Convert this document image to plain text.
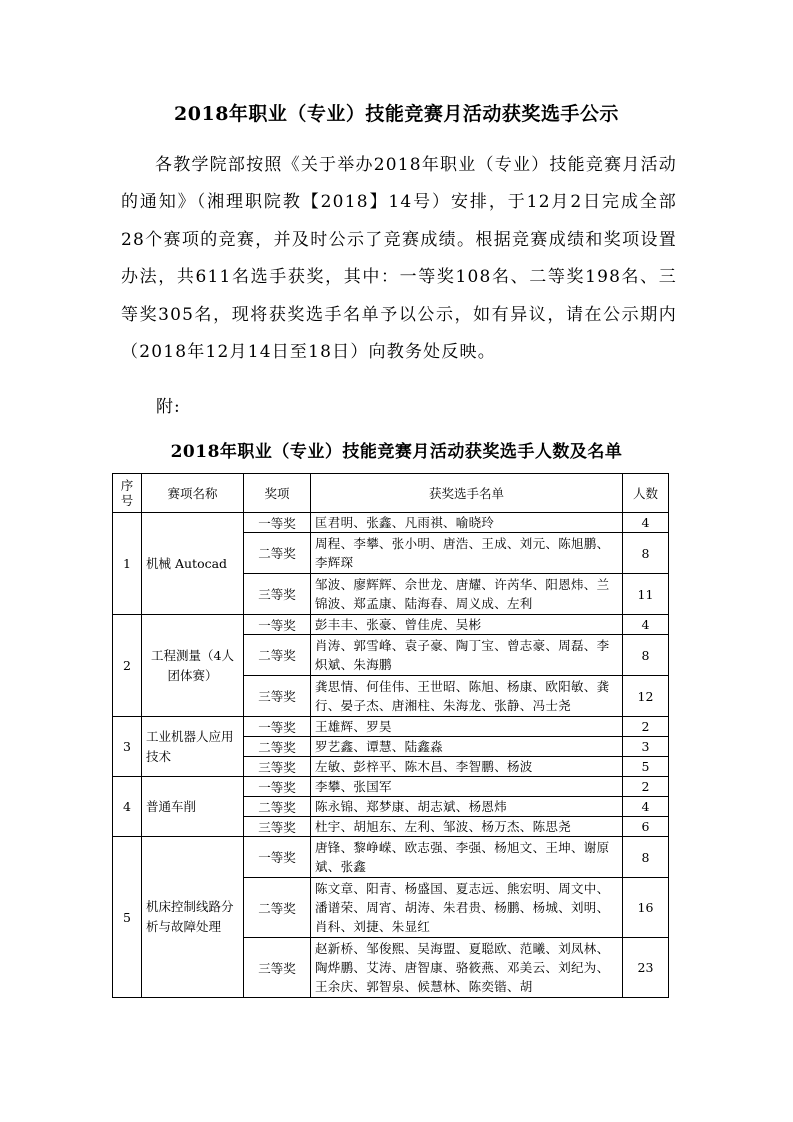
2018年职业（专业）技能竞赛月活动获奖选手公示

各教学院部按照《关于举办2018年职业（专业）技能竞赛月活动的通知》（湘理职院教【2018】14号）安排，于12月2日完成全部28个赛项的竞赛，并及时公示了竞赛成绩。根据竞赛成绩和奖项设置办法，共611名选手获奖，其中：一等奖108名、二等奖198名、三等奖305名，现将获奖选手名单予以公示，如有异议，请在公示期内（2018年12月14日至18日）向教务处反映。

附:
2018年职业（专业）技能竞赛月活动获奖选手人数及名单
序号	赛项名称	奖项	获奖选手名单	人数
1	机械 Autocad	一等奖	匡君明、张鑫、凡雨祺、喻晓玲	4
		二等奖	周程、李攀、张小明、唐浩、王成、刘元、陈旭鹏、李辉琛	8
		三等奖	邹波、廖辉辉、佘世龙、唐耀、许芮华、阳恩炜、兰锦波、郑孟康、陆海春、周义成、左利	11
2	工程测量（4人团体赛）	一等奖	彭丰丰、张豪、曾佳虎、吴彬	4
		二等奖	肖涛、郭雪峰、袁子豪、陶丁宝、曾志豪、周磊、李炽斌、朱海鹏	8
		三等奖	龚思情、何佳伟、王世昭、陈旭、杨康、欧阳敏、龚行、晏子杰、唐湘柱、朱海龙、张静、冯士尧	12
3	工业机器人应用技术	一等奖	王雄辉、罗昊	2
		二等奖	罗艺鑫、谭慧、陆鑫淼	3
		三等奖	左敏、彭梓平、陈木昌、李智鹏、杨波	5
4	普通车削	一等奖	李攀、张国军	2
		二等奖	陈永锦、郑梦康、胡志斌、杨恩炜	4
		三等奖	杜宇、胡旭东、左利、邹波、杨万杰、陈思尧	6
5	机床控制线路分析与故障处理	一等奖	唐锋、黎峥嵘、欧志强、李强、杨旭文、王坤、谢原斌、张鑫	8
		二等奖	陈文章、阳青、杨盛国、夏志远、熊宏明、周文中、潘谱荣、周宵、胡涛、朱君贵、杨鹏、杨城、刘明、肖科、刘捷、朱显红	16
		三等奖	赵新桥、邹俊熙、吴海盟、夏聪欧、范曦、刘凤林、陶烨鹏、艾涛、唐智康、骆筱燕、邓美云、刘纪为、王余庆、郭智泉、候慧林、陈奕锴、胡	23
